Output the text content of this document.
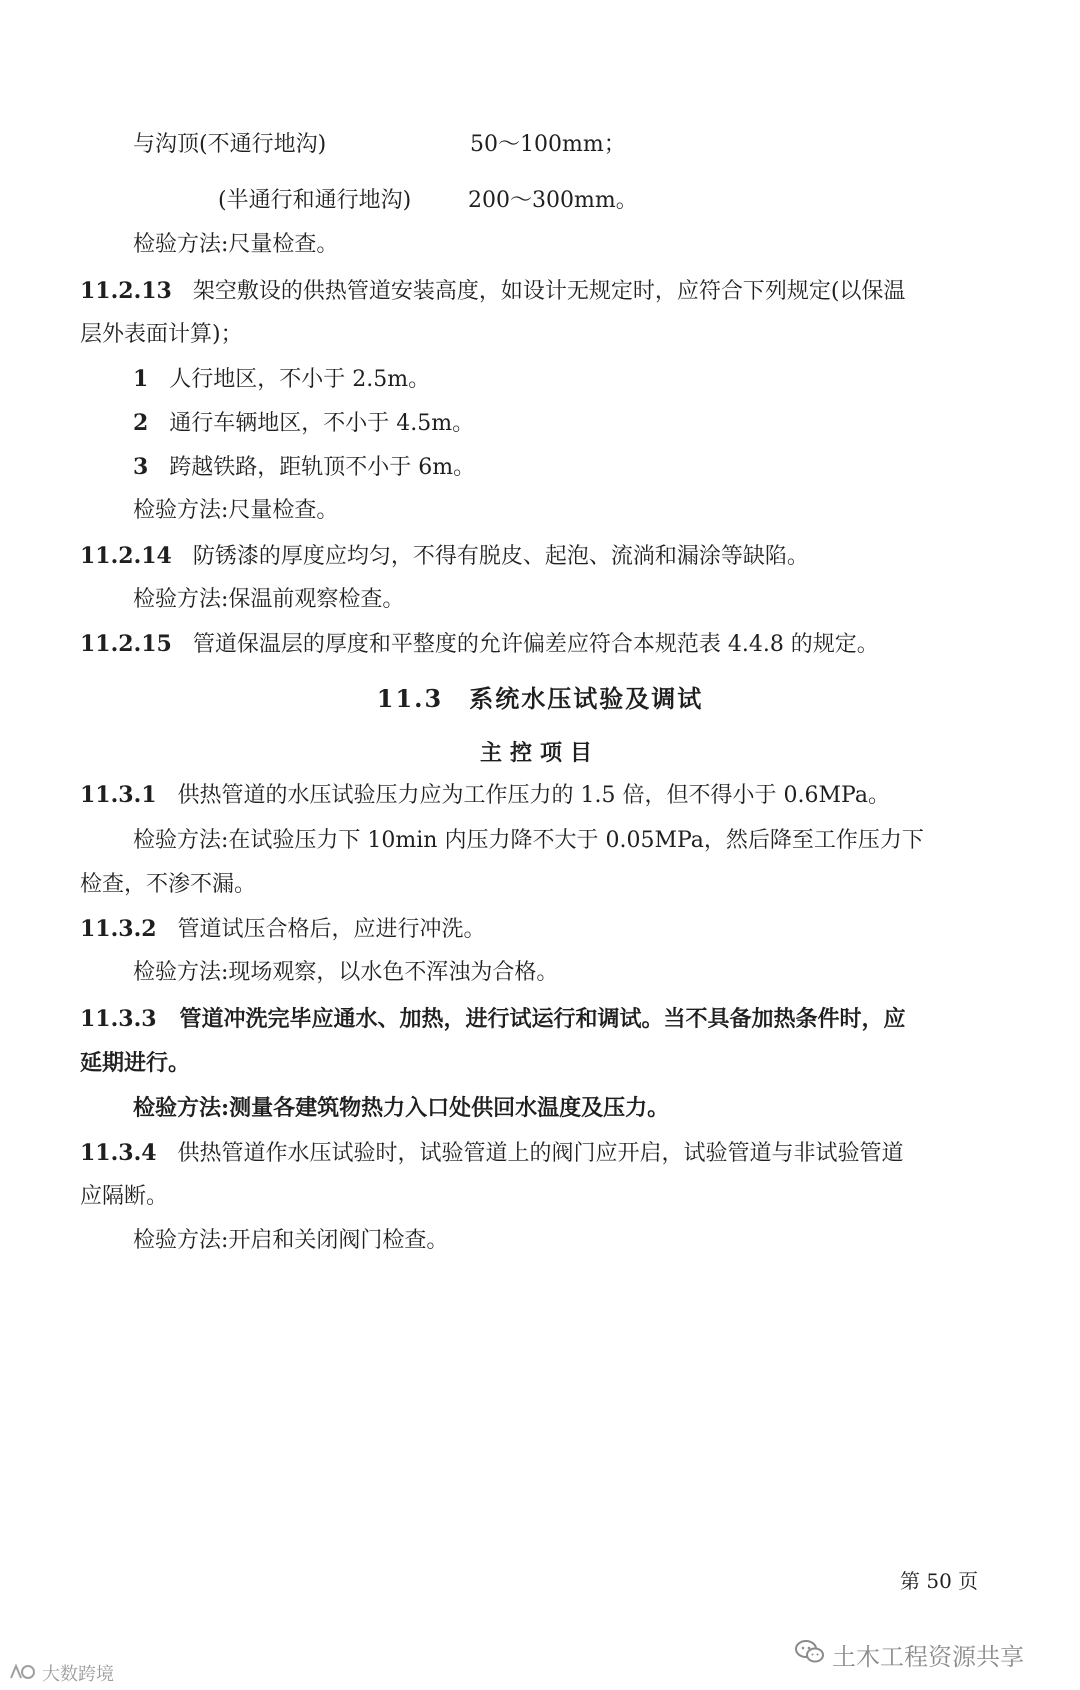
与沟顶(不通行地沟)	50～100mm；
(半通行和通行地沟)	200～300mm。
检验方法:尺量检查。
11.2.13 架空敷设的供热管道安装高度，如设计无规定时，应符合下列规定(以保温
层外表面计算)；
1 人行地区，不小于 2.5m。
2 通行车辆地区，不小于 4.5m。
3 跨越铁路，距轨顶不小于 6m。
检验方法:尺量检查。
11.2.14 防锈漆的厚度应均匀，不得有脱皮、起泡、流淌和漏涂等缺陷。
检验方法:保温前观察检查。
11.2.15 管道保温层的厚度和平整度的允许偏差应符合本规范表 4.4.8 的规定。
11.3　系统水压试验及调试
主控项目
11.3.1 供热管道的水压试验压力应为工作压力的 1.5 倍，但不得小于 0.6MPa。
检验方法:在试验压力下 10min 内压力降不大于 0.05MPa，然后降至工作压力下
检查，不渗不漏。
11.3.2 管道试压合格后，应进行冲洗。
检验方法:现场观察，以水色不浑浊为合格。
11.3.3 管道冲洗完毕应通水、加热，进行试运行和调试。当不具备加热条件时，应
延期进行。
检验方法:测量各建筑物热力入口处供回水温度及压力。
11.3.4 供热管道作水压试验时，试验管道上的阀门应开启，试验管道与非试验管道
应隔断。
检验方法:开启和关闭阀门检查。
第 50 页
土木工程资源共享
大数跨境
